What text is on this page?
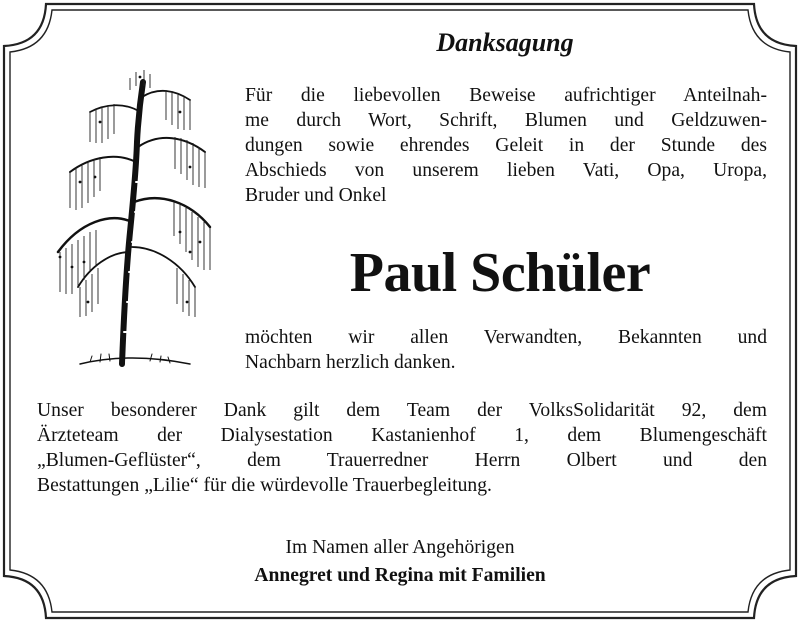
Danksagung
Für die liebevollen Beweise aufrichtiger Anteilnah-
me durch Wort, Schrift, Blumen und Geldzuwen-
dungen sowie ehrendes Geleit in der Stunde des
Abschieds von unserem lieben Vati, Opa, Uropa,
Bruder und Onkel
Paul Schüler
möchten wir allen Verwandten, Bekannten und
Nachbarn herzlich danken.
Unser besonderer Dank gilt dem Team der VolksSolidarität 92, dem
Ärzteteam der Dialysestation Kastanienhof 1, dem Blumengeschäft
„Blumen-Geflüster“, dem Trauerredner Herrn Olbert und den
Bestattungen „Lilie“ für die würdevolle Trauerbegleitung.
Im Namen aller Angehörigen
Annegret und Regina mit Familien
